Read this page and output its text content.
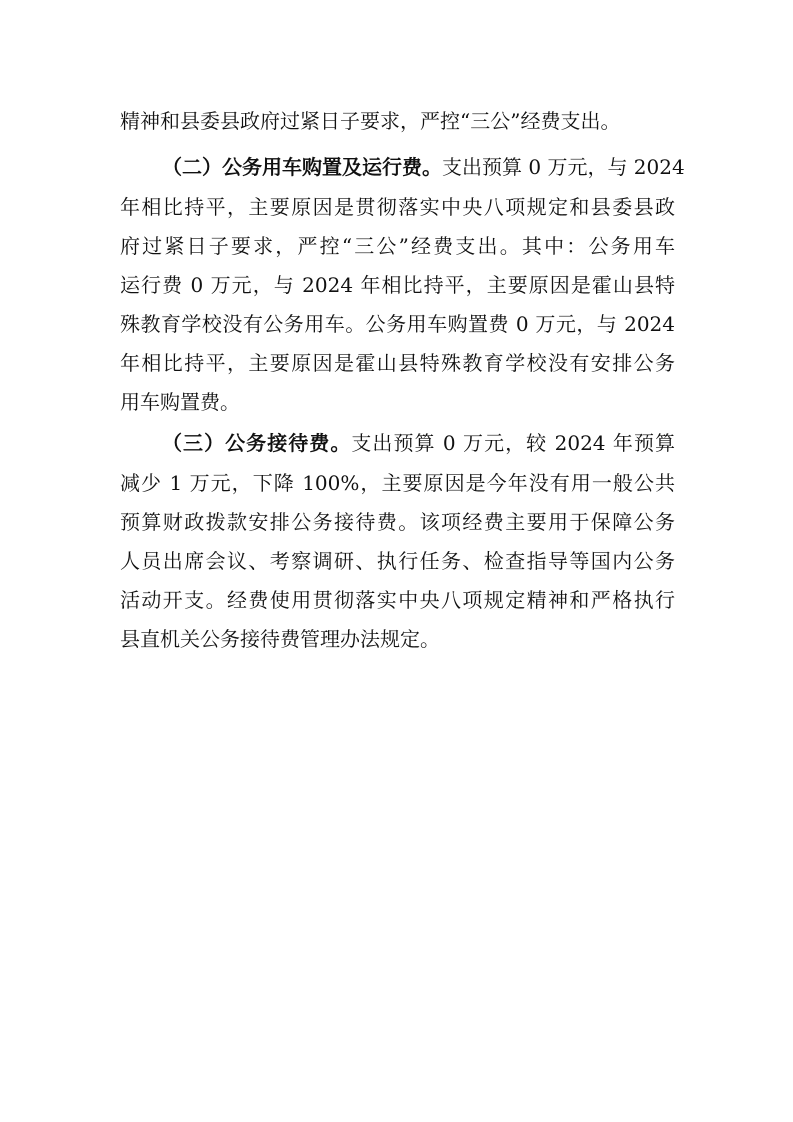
精神和县委县政府过紧日子要求，严控“三公”经费支出。
（二）公务用车购置及运行费。支出预算 0 万元，与 2024
年相比持平，主要原因是贯彻落实中央八项规定和县委县政
府过紧日子要求，严控“三公”经费支出。其中：公务用车
运行费 0 万元，与 2024 年相比持平，主要原因是霍山县特
殊教育学校没有公务用车。公务用车购置费 0 万元，与 2024
年相比持平，主要原因是霍山县特殊教育学校没有安排公务
用车购置费。
（三）公务接待费。支出预算 0 万元，较 2024 年预算
减少 1 万元，下降 100%，主要原因是今年没有用一般公共
预算财政拨款安排公务接待费。该项经费主要用于保障公务
人员出席会议、考察调研、执行任务、检查指导等国内公务
活动开支。经费使用贯彻落实中央八项规定精神和严格执行
县直机关公务接待费管理办法规定。
